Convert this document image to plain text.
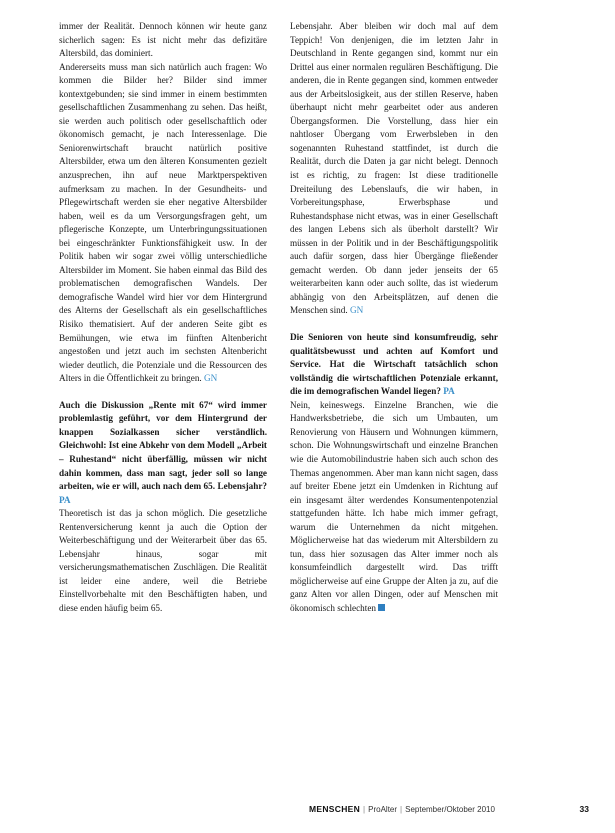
immer der Realität. Dennoch können wir heute ganz sicherlich sagen: Es ist nicht mehr das defizitäre Altersbild, das dominiert.

Andererseits muss man sich natürlich auch fragen: Wo kommen die Bilder her? Bilder sind immer kontextgebunden; sie sind immer in einem bestimmten gesellschaftlichen Zusammenhang zu sehen. Das heißt, sie werden auch politisch oder gesellschaftlich oder ökonomisch gemacht, je nach Interessenlage. Die Seniorenwirtschaft braucht natürlich positive Altersbilder, etwa um den älteren Konsumenten gezielt anzusprechen, ihn auf neue Marktperspektiven aufmerksam zu machen. In der Gesundheits- und Pflegewirtschaft werden sie eher negative Altersbilder haben, weil es da um Versorgungsfragen geht, um pflegerische Konzepte, um Unterbringungssituationen bei eingeschränkter Funktionsfähigkeit usw. In der Politik haben wir sogar zwei völlig unterschiedliche Altersbilder im Moment. Sie haben einmal das Bild des problematischen demografischen Wandels. Der demografische Wandel wird hier vor dem Hintergrund des Alterns der Gesellschaft als ein gesellschaftliches Risiko thematisiert. Auf der anderen Seite gibt es Bemühungen, wie etwa im fünften Altenbericht angestoßen und jetzt auch im sechsten Altenbericht wieder deutlich, die Potenziale und die Ressourcen des Alters in die Öffentlichkeit zu bringen. GN

Auch die Diskussion „Rente mit 67“ wird immer problemlastig geführt, vor dem Hintergrund der knappen Sozialkassen sicher verständlich. Gleichwohl: Ist eine Abkehr von dem Modell „Arbeit – Ruhestand“ nicht überfällig, müssen wir nicht dahin kommen, dass man sagt, jeder soll so lange arbeiten, wie er will, auch nach dem 65. Lebensjahr? PA

Theoretisch ist das ja schon möglich. Die gesetzliche Rentenversicherung kennt ja auch die Option der Weiterbeschäftigung und der Weiterarbeit über das 65. Lebensjahr hinaus, sogar mit versicherungsmathematischen Zuschlägen. Die Realität ist leider eine andere, weil die Betriebe Einstellvorbehalte mit den Beschäftigten haben, und diese enden häufig beim 65.

Lebensjahr. Aber bleiben wir doch mal auf dem Teppich! Von denjenigen, die im letzten Jahr in Deutschland in Rente gegangen sind, kommt nur ein Drittel aus einer normalen regulären Beschäftigung. Die anderen, die in Rente gegangen sind, kommen entweder aus der Arbeitslosigkeit, aus der stillen Reserve, haben überhaupt nicht mehr gearbeitet oder aus anderen Übergangsformen. Die Vorstellung, dass hier ein nahtloser Übergang vom Erwerbsleben in den sogenannten Ruhestand stattfindet, ist durch die Realität, durch die Daten ja gar nicht belegt. Dennoch ist es richtig, zu fragen: Ist diese traditionelle Dreiteilung des Lebenslaufs, die wir haben, in Vorbereitungsphase, Erwerbsphase und Ruhestandsphase nicht etwas, was in einer Gesellschaft des langen Lebens sich als überholt darstellt? Wir müssen in der Politik und in der Beschäftigungspolitik auch dafür sorgen, dass hier Übergänge fließender gemacht werden. Ob dann jeder jenseits der 65 weiterarbeiten kann oder auch sollte, das ist wiederum abhängig von den Arbeitsplätzen, auf denen die Menschen sind. GN

Die Senioren von heute sind konsumfreudig, sehr qualitätsbewusst und achten auf Komfort und Service. Hat die Wirtschaft tatsächlich schon vollständig die wirtschaftlichen Potenziale erkannt, die im demografischen Wandel liegen? PA

Nein, keineswegs. Einzelne Branchen, wie die Handwerksbetriebe, die sich um Umbauten, um Renovierung von Häusern und Wohnungen kümmern, schon. Die Wohnungswirtschaft und einzelne Branchen wie die Automobilindustrie haben sich auch schon des Themas angenommen. Aber man kann nicht sagen, dass auf breiter Ebene jetzt ein Umdenken in Richtung auf ein insgesamt älter werdendes Konsumentenpotenzial stattgefunden hätte. Ich habe mich immer gefragt, warum die Unternehmen da nicht mitgehen. Möglicherweise hat das wiederum mit Altersbildern zu tun, dass hier sozusagen das Alter immer noch als konsumfeindlich dargestellt wird. Das trifft möglicherweise auf eine Gruppe der Alten ja zu, auf die ganz Alten vor allen Dingen, oder auf Menschen mit ökonomisch schlechten

MENSCHEN | ProAlter | September/Oktober 2010	33
